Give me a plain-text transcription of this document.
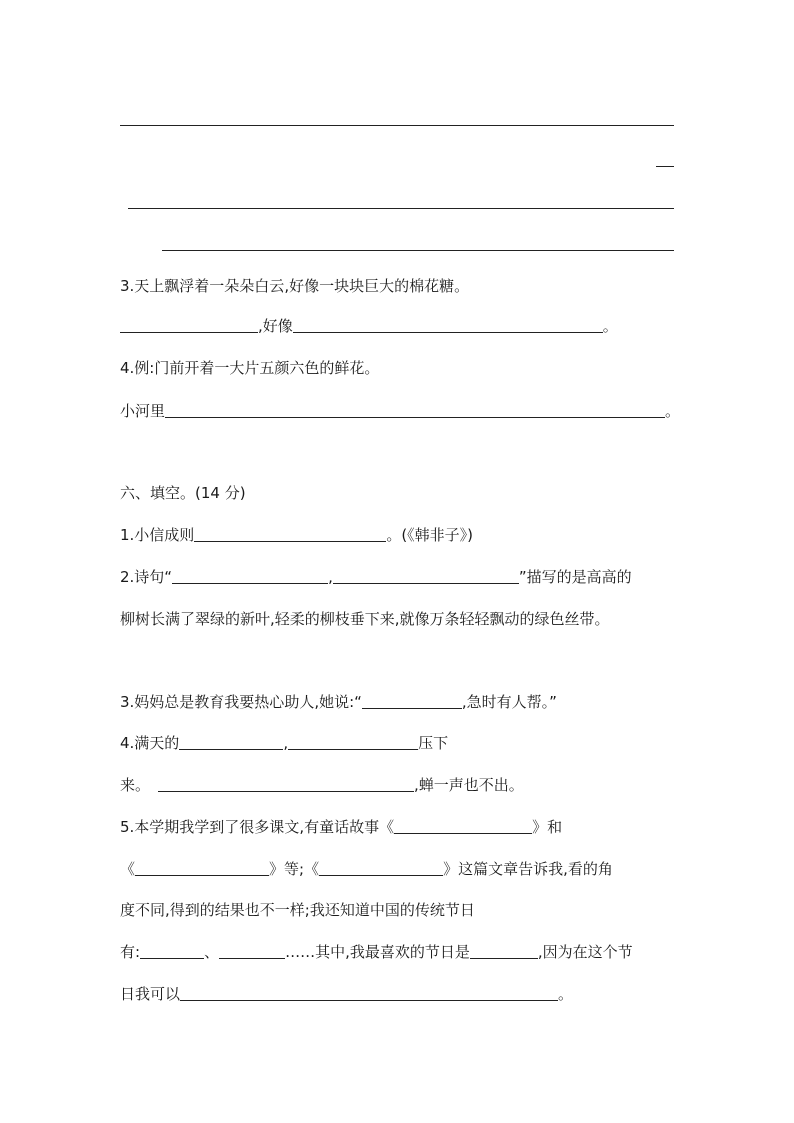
3.天上飘浮着一朵朵白云,好像一块块巨大的棉花糖。
,好像	。
4.例:门前开着一大片五颜六色的鲜花。
小河里	。
六、填空。(14 分)
1.小信成则	。(《韩非子》)
2.诗句“	,	”描写的是高高的
柳树长满了翠绿的新叶,轻柔的柳枝垂下来,就像万条轻轻飘动的绿色丝带。
3.妈妈总是教育我要热心助人,她说:“	,急时有人帮。”
4.满天的	,	压下
来。	,蝉一声也不出。
5.本学期我学到了很多课文,有童话故事《	》和
《	》等;《	》这篇文章告诉我,看的角
度不同,得到的结果也不一样;我还知道中国的传统节日
有:	、	……其中,我最喜欢的节日是	,因为在这个节
日我可以	。
